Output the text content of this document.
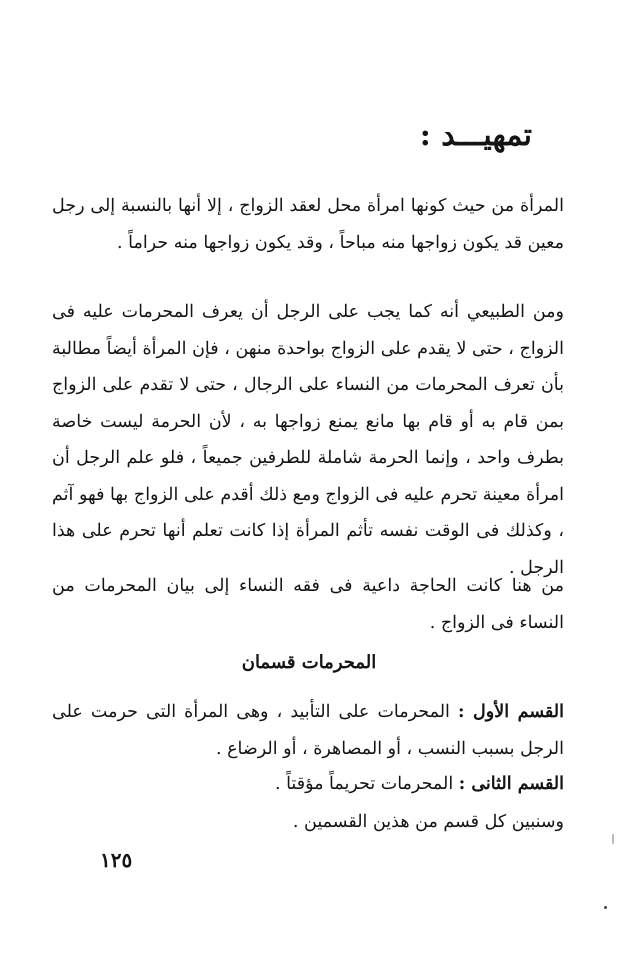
تمهيـــد :
المرأة من حيث كونها امرأة محل لعقد الزواج ، إلا أنها بالنسبة إلى رجل معين قد يكون زواجها منه مباحاً ، وقد يكون زواجها منه حراماً .
ومن الطبيعي أنه كما يجب على الرجل أن يعرف المحرمات عليه فى الزواج ، حتى لا يقدم على الزواج بواحدة منهن ، فإن المرأة أيضاً مطالبة بأن تعرف المحرمات من النساء على الرجال ، حتى لا تقدم على الزواج بمن قام به أو قام بها مانع يمنع زواجها به ، لأن الحرمة ليست خاصة بطرف واحد ، وإنما الحرمة شاملة للطرفين جميعاً ، فلو علم الرجل أن امرأة معينة تحرم عليه فى الزواج ومع ذلك أقدم على الزواج بها فهو آثم ، وكذلك فى الوقت نفسه تأثم المرأة إذا كانت تعلم أنها تحرم على هذا الرجل .
من هنا كانت الحاجة داعية فى فقه النساء إلى بيان المحرمات من النساء فى الزواج .
المحرمات قسمان
القسم الأول : المحرمات على التأبيد ، وهى المرأة التى حرمت على الرجل بسبب النسب ، أو المصاهرة ، أو الرضاع .
القسم الثانى : المحرمات تحريماً مؤقتاً .
وسنبين كل قسم من هذين القسمين .
١٢٥
